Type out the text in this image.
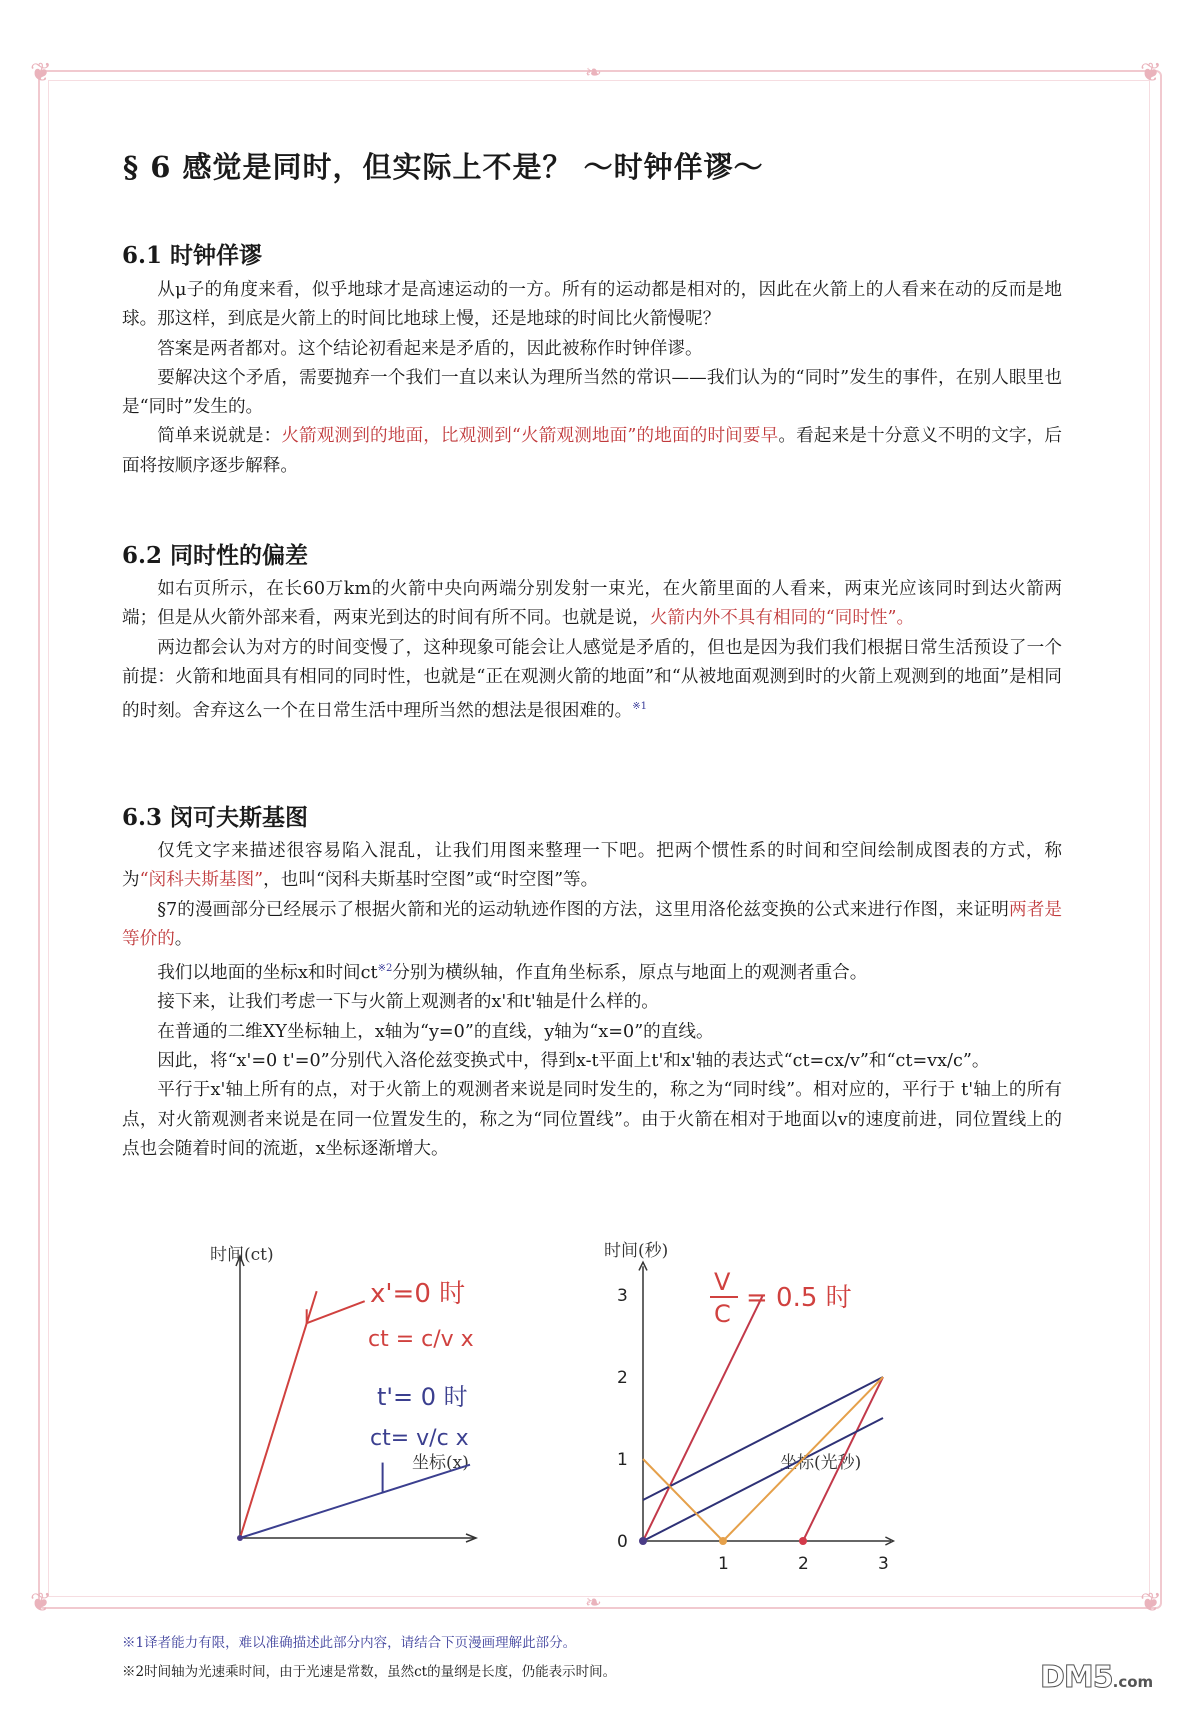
❦	❦
❦	❦
❧
❧
§ 6 感觉是同时，但实际上不是？ ～时钟佯谬～
6.1 时钟佯谬

从μ子的角度来看，似乎地球才是高速运动的一方。所有的运动都是相对的，因此在火箭上的人看来在动的反而是地球。那这样，到底是火箭上的时间比地球上慢，还是地球的时间比火箭慢呢？

答案是两者都对。这个结论初看起来是矛盾的，因此被称作时钟佯谬。

要解决这个矛盾，需要抛弃一个我们一直以来认为理所当然的常识——我们认为的“同时”发生的事件，在别人眼里也是“同时”发生的。

简单来说就是：火箭观测到的地面，比观测到“火箭观测地面”的地面的时间要早。看起来是十分意义不明的文字，后面将按顺序逐步解释。

6.2 同时性的偏差

如右页所示，在长60万km的火箭中央向两端分别发射一束光，在火箭里面的人看来，两束光应该同时到达火箭两端；但是从火箭外部来看，两束光到达的时间有所不同。也就是说，火箭内外不具有相同的“同时性”。

两边都会认为对方的时间变慢了，这种现象可能会让人感觉是矛盾的，但也是因为我们我们根据日常生活预设了一个前提：火箭和地面具有相同的同时性，也就是“正在观测火箭的地面”和“从被地面观测到时的火箭上观测到的地面”是相同的时刻。舍弃这么一个在日常生活中理所当然的想法是很困难的。$^{※1}$

6.3 闵可夫斯基图

仅凭文字来描述很容易陷入混乱，让我们用图来整理一下吧。把两个惯性系的时间和空间绘制成图表的方式，称为“闵科夫斯基图”，也叫“闵科夫斯基时空图”或“时空图”等。

§7的漫画部分已经展示了根据火箭和光的运动轨迹作图的方法，这里用洛伦兹变换的公式来进行作图，来证明两者是等价的。

我们以地面的坐标x和时间$ct^{※2}$分别为横纵轴，作直角坐标系，原点与地面上的观测者重合。

接下来，让我们考虑一下与火箭上观测者的x'和t'轴是什么样的。

在普通的二维XY坐标轴上，x轴为“y=0”的直线，y轴为“x=0”的直线。

因此，将“x'=0 t'=0”分别代入洛伦兹变换式中，得到x-t平面上t'和x'轴的表达式“ct=cx/v”和“ct=vx/c”。

平行于x'轴上所有的点，对于火箭上的观测者来说是同时发生的，称之为“同时线”。相对应的，平行于 t'轴上的所有点，对火箭观测者来说是在同一位置发生的，称之为“同位置线”。由于火箭在相对于地面以v的速度前进，同位置线上的点也会随着时间的流逝，x坐标逐渐增大。

时间(ct)
坐标(x)
x'=0 时
ct = c/v x
t'= 0 时
ct= v/c x
时间(秒)
坐标(光秒)
0
1
2
3
1	2	3
V
C
= 0.5 时
※1译者能力有限，难以准确描述此部分内容，请结合下页漫画理解此部分。
※2时间轴为光速乘时间，由于光速是常数，虽然ct的量纲是长度，仍能表示时间。	DM5.com
